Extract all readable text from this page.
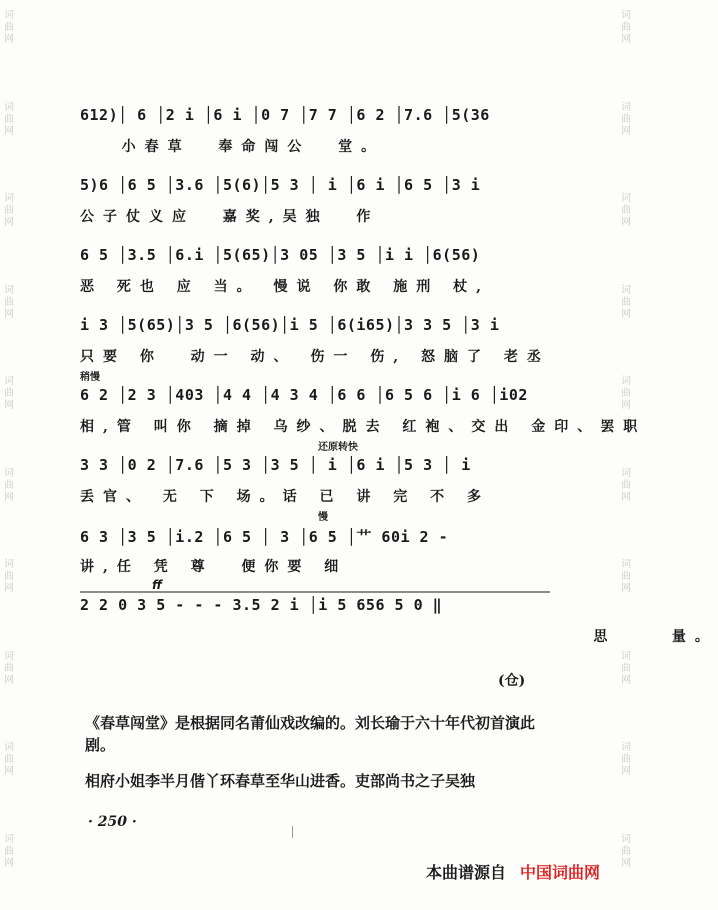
词
曲
网
词
曲
网
词
曲
网
词
曲
网
词
曲
网
词
曲
网
词
曲
网
词
曲
网
词
曲
网
词
曲
网
词
曲
网
词
曲
网
词
曲
网
词
曲
网
词
曲
网
词
曲
网
词
曲
网
词
曲
网
词
曲
网
词
曲
网
612)│ 6 │2 i │6 i │0 7 │7 7 │6 2 │7.6 │5(36
小春草  奉命闯公  堂。
5)6 │6 5 │3.6 │5(6)│5 3 │ i │6 i │6 5 │3 i
公子仗义应  嘉奖,吴独  作
6 5 │3.5 │6.i │5(65)│3 05 │3 5 │i i │6(56)
恶 死也 应 当。 慢说 你敢 施刑 杖,
i 3 │5(65)│3 5 │6(56)│i 5 │6(i65)│3 3 5 │3 i
只要 你  动一 动、 伤一 伤, 怒脑了 老丞
稍慢
6 2 │2 3 │403 │4 4 │4 3 4 │6 6 │6 5 6 │i 6 │i02
相,管 叫你 摘掉 乌纱、脱去 红袍、交出 金印、罢职
还原转快
3 3 │0 2 │7.6 │5 3 │3 5 │ i │6 i │5 3 │ i
丢官、 无 下 场。话 已 讲 完 不 多
慢
6 3 │3 5 │i.2 │6 5 │ 3 │6 5 │艹 60i 2 -
讲,任 凭 尊  便你要 细
ff
2 2 0 3 5 - - - 3.5 2 i │i 5 656 5 0 ‖
思    量。
(仓)
《春草闯堂》是根据同名莆仙戏改编的。刘长瑜于六十年代初首演此剧。
相府小姐李半月偕丫环春草至华山进香。吏部尚书之子吴独
· 250 ·
本曲谱源自 中国词曲网
